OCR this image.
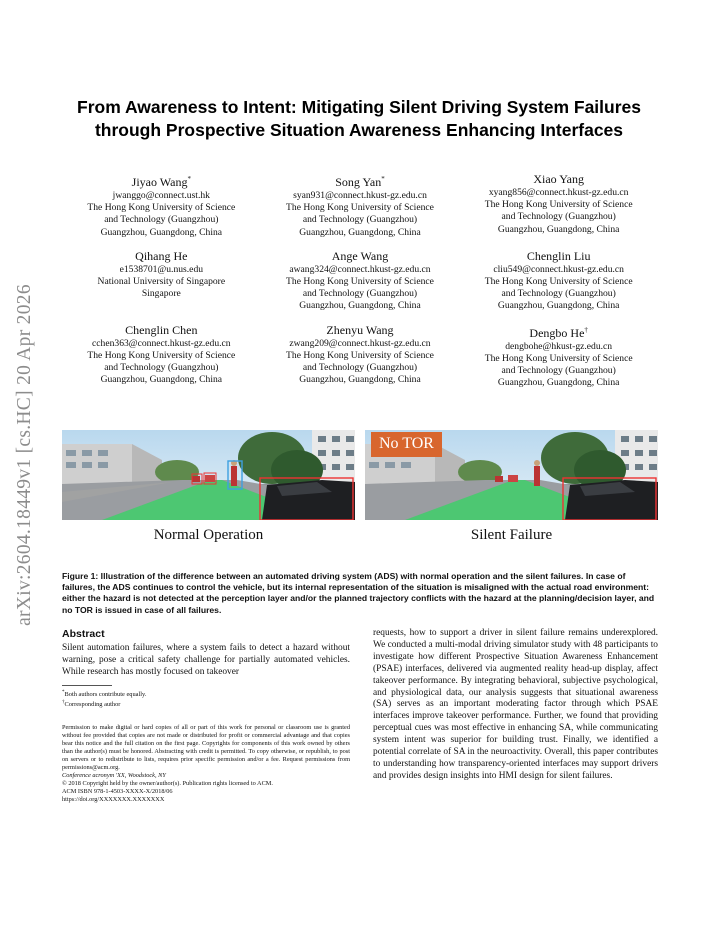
arXiv:2604.18449v1 [cs.HC] 20 Apr 2026
From Awareness to Intent: Mitigating Silent Driving System Failures through Prospective Situation Awareness Enhancing Interfaces
Jiyao Wang*
jwanggo@connect.ust.hk
The Hong Kong University of Science
and Technology (Guangzhou)
Guangzhou, Guangdong, China
Song Yan*
syan931@connect.hkust-gz.edu.cn
The Hong Kong University of Science
and Technology (Guangzhou)
Guangzhou, Guangdong, China
Xiao Yang
xyang856@connect.hkust-gz.edu.cn
The Hong Kong University of Science
and Technology (Guangzhou)
Guangzhou, Guangdong, China
Qihang He
e1538701@u.nus.edu
National University of Singapore
Singapore
Ange Wang
awang324@connect.hkust-gz.edu.cn
The Hong Kong University of Science
and Technology (Guangzhou)
Guangzhou, Guangdong, China
Chenglin Liu
cliu549@connect.hkust-gz.edu.cn
The Hong Kong University of Science
and Technology (Guangzhou)
Guangzhou, Guangdong, China
Chenglin Chen
cchen363@connect.hkust-gz.edu.cn
The Hong Kong University of Science
and Technology (Guangzhou)
Guangzhou, Guangdong, China
Zhenyu Wang
zwang209@connect.hkust-gz.edu.cn
The Hong Kong University of Science
and Technology (Guangzhou)
Guangzhou, Guangdong, China
Dengbo He†
dengbohe@hkust-gz.edu.cn
The Hong Kong University of Science
and Technology (Guangzhou)
Guangzhou, Guangdong, China
No TOR
Normal Operation	Silent Failure
Figure 1: Illustration of the difference between an automated driving system (ADS) with normal operation and the silent failures. In case of failures, the ADS continues to control the vehicle, but its internal representation of the situation is misaligned with the actual road environment: either the hazard is not detected at the perception layer and/or the planned trajectory conflicts with the hazard at the planning/decision layer, and no TOR is issued in case of all failures.
Abstract
Silent automation failures, where a system fails to detect a hazard without warning, pose a critical safety challenge for partially automated vehicles. While research has mostly focused on takeover
*Both authors contribute equally.
†Corresponding author
Permission to make digital or hard copies of all or part of this work for personal or classroom use is granted without fee provided that copies are not made or distributed for profit or commercial advantage and that copies bear this notice and the full citation on the first page. Copyrights for components of this work owned by others than the author(s) must be honored. Abstracting with credit is permitted. To copy otherwise, or republish, to post on servers or to redistribute to lists, requires prior specific permission and/or a fee. Request permissions from permissions@acm.org.
Conference acronym 'XX, Woodstock, NY
© 2018 Copyright held by the owner/author(s). Publication rights licensed to ACM.
ACM ISBN 978-1-4503-XXXX-X/2018/06
https://doi.org/XXXXXXX.XXXXXXX
requests, how to support a driver in silent failure remains underexplored. We conducted a multi-modal driving simulator study with 48 participants to investigate how different Prospective Situation Awareness Enhancement (PSAE) interfaces, delivered via augmented reality head-up display, affect takeover performance. By integrating behavioral, subjective psychological, and physiological data, our analysis suggests that situational awareness (SA) serves as an important moderating factor through which PSAE interfaces improve takeover performance. Further, we found that providing perceptual cues was most effective in enhancing SA, while communicating system intent was superior for building trust. Finally, we identified a potential correlate of SA in the neuroactivity. Overall, this paper contributes to understanding how transparency-oriented interfaces may support drivers and provides design insights into HMI design for silent failures.
